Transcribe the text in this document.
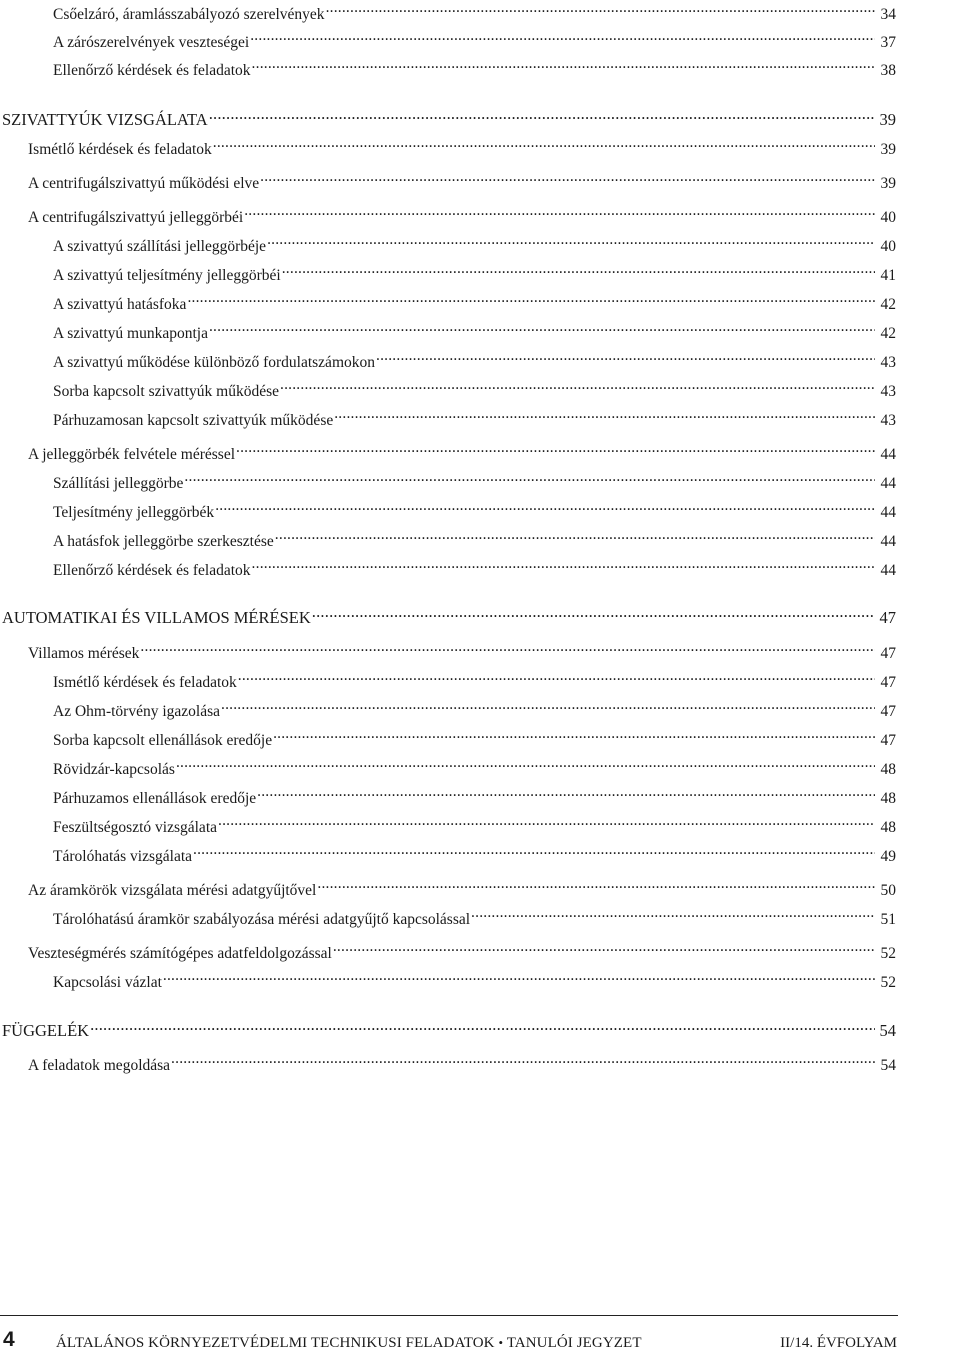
Csőelzáró, áramlásszabályozó szerelvények .....	34
A zárószerelvények veszteségei .....	37
Ellenőrző kérdések és feladatok .....	38
SZIVATTYÚK VIZSGÁLATA .....	39
Ismétlő kérdések és feladatok .....	39
A centrifugálszivattyú működési elve .....	39
A centrifugálszivattyú jelleggörbéi .....	40
A szivattyú szállítási jelleggörbéje .....	40
A szivattyú teljesítmény jelleggörbéi .....	41
A szivattyú hatásfoka .....	42
A szivattyú munkapontja .....	42
A szivattyú működése különböző fordulatszámokon .....	43
Sorba kapcsolt szivattyúk működése .....	43
Párhuzamosan kapcsolt szivattyúk működése .....	43
A jelleggörbék felvétele méréssel .....	44
Szállítási jelleggörbe .....	44
Teljesítmény jelleggörbék .....	44
A hatásfok jelleggörbe szerkesztése .....	44
Ellenőrző kérdések és feladatok .....	44
AUTOMATIKAI ÉS VILLAMOS MÉRÉSEK .....	47
Villamos mérések .....	47
Ismétlő kérdések és feladatok .....	47
Az Ohm-törvény igazolása .....	47
Sorba kapcsolt ellenállások eredője .....	47
Rövidzár-kapcsolás .....	48
Párhuzamos ellenállások eredője .....	48
Feszültségosztó vizsgálata .....	48
Tárolóhatás vizsgálata .....	49
Az áramkörök vizsgálata mérési adatgyűjtővel .....	50
Tárolóhatású áramkör szabályozása mérési adatgyűjtő kapcsolással .....	51
Veszteségmérés számítógépes adatfeldolgozással .....	52
Kapcsolási vázlat .....	52
FÜGGELÉK .....	54
A feladatok megoldása .....	54
4	ÁLTALÁNOS KÖRNYEZETVÉDELMI TECHNIKUSI FELADATOK • TANULÓI JEGYZET	II/14. ÉVFOLYAM
